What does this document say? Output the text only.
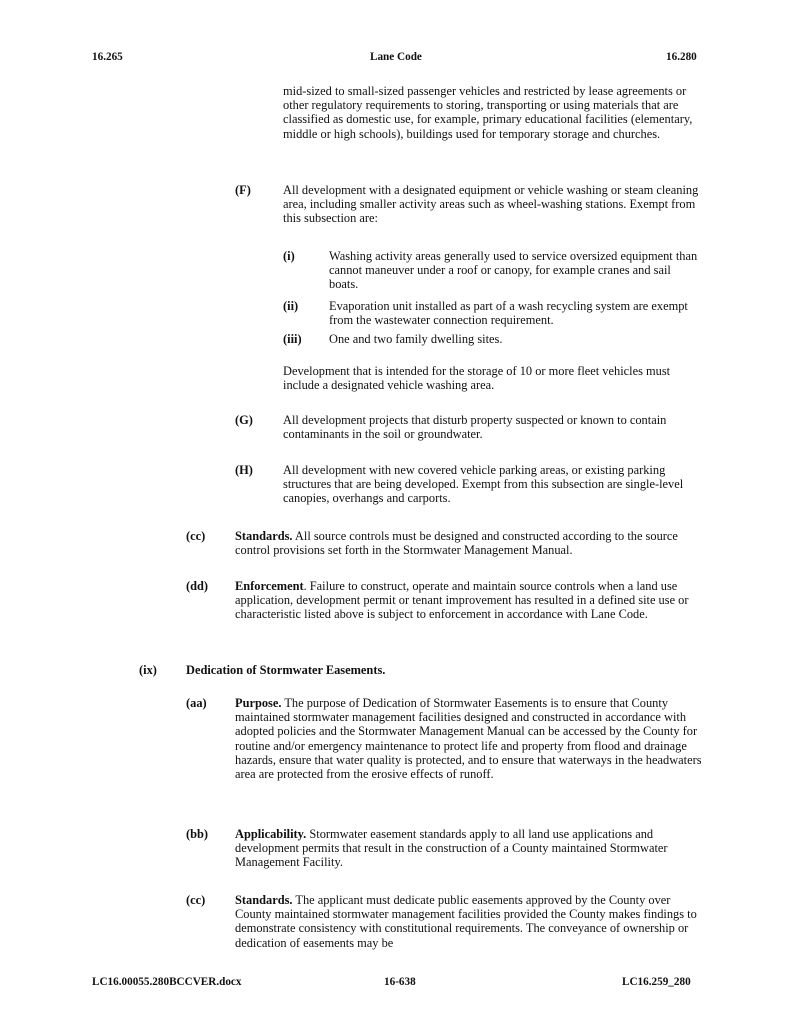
16.265	Lane Code	16.280

mid-sized to small-sized passenger vehicles and restricted by lease agreements or other regulatory requirements to storing, transporting or using materials that are classified as domestic use, for example, primary educational facilities (elementary, middle or high schools), buildings used for temporary storage and churches.

(F)	All development with a designated equipment or vehicle washing or steam cleaning area, including smaller activity areas such as wheel-washing stations. Exempt from this subsection are:

(i)	Washing activity areas generally used to service oversized equipment than cannot maneuver under a roof or canopy, for example cranes and sail boats.

(ii) Evaporation unit installed as part of a wash recycling system are exempt from the wastewater connection requirement.

(iii) One and two family dwelling sites.

Development that is intended for the storage of 10 or more fleet vehicles must include a designated vehicle washing area.

(G) All development projects that disturb property suspected or known to contain contaminants in the soil or groundwater.

(H) All development with new covered vehicle parking areas, or existing parking structures that are being developed. Exempt from this subsection are single-level canopies, overhangs and carports.

(cc) Standards. All source controls must be designed and constructed according to the source control provisions set forth in the Stormwater Management Manual.

(dd) Enforcement. Failure to construct, operate and maintain source controls when a land use application, development permit or tenant improvement has resulted in a defined site use or characteristic listed above is subject to enforcement in accordance with Lane Code.

(ix) Dedication of Stormwater Easements.
(aa) Purpose. The purpose of Dedication of Stormwater Easements is to ensure that County maintained stormwater management facilities designed and constructed in accordance with adopted policies and the Stormwater Management Manual can be accessed by the County for routine and/or emergency maintenance to protect life and property from flood and drainage hazards, ensure that water quality is protected, and to ensure that waterways in the headwaters area are protected from the erosive effects of runoff.

(bb) Applicability. Stormwater easement standards apply to all land use applications and development permits that result in the construction of a County maintained Stormwater Management Facility.

(cc) Standards. The applicant must dedicate public easements approved by the County over County maintained stormwater management facilities provided the County makes findings to demonstrate consistency with constitutional requirements. The conveyance of ownership or dedication of easements may be

LC16.00055.280BCCVER.docx	16-638	LC16.259_280
